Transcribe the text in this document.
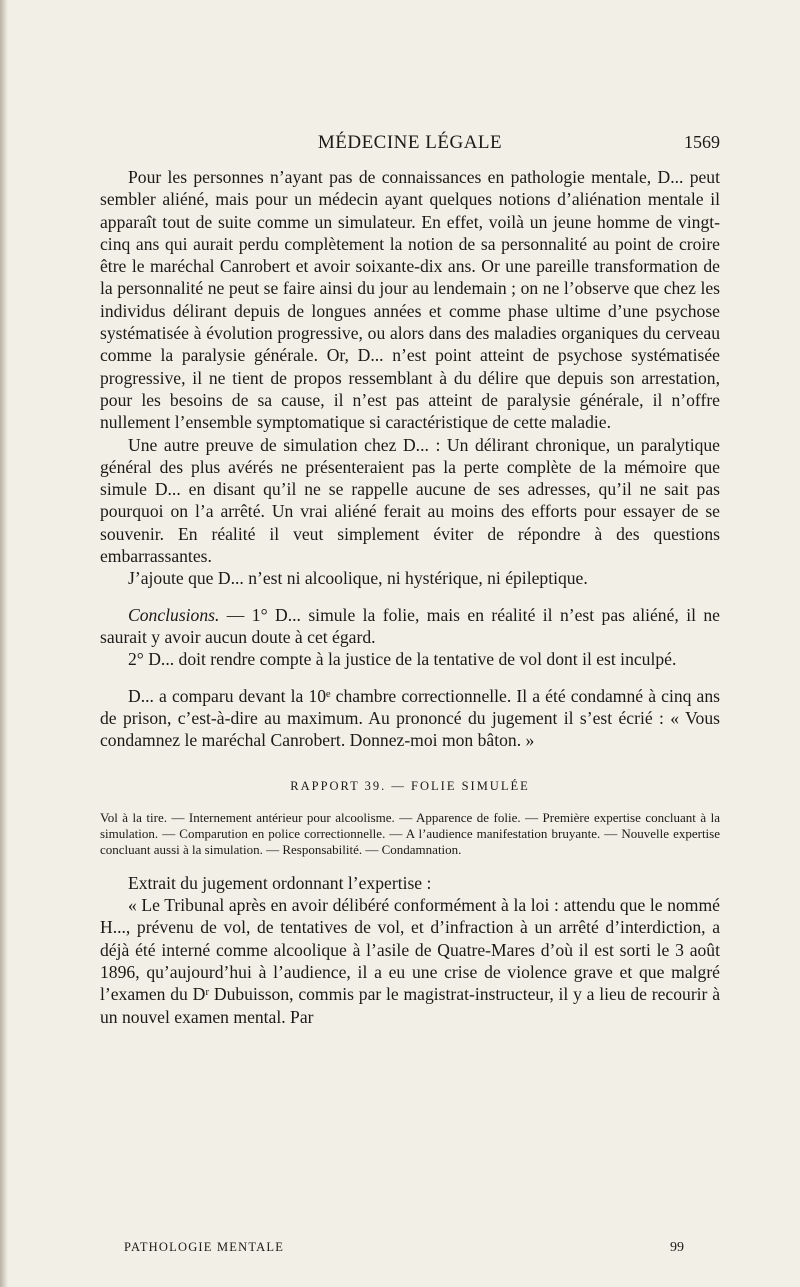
MÉDECINE LÉGALE	1569

Pour les personnes n’ayant pas de connaissances en pathologie mentale, D... peut sembler aliéné, mais pour un médecin ayant quelques notions d’aliénation mentale il apparaît tout de suite comme un simulateur. En effet, voilà un jeune homme de vingt-cinq ans qui aurait perdu complètement la notion de sa personnalité au point de croire être le maréchal Canrobert et avoir soixante-dix ans. Or une pareille transformation de la personnalité ne peut se faire ainsi du jour au lendemain ; on ne l’observe que chez les individus délirant depuis de longues années et comme phase ultime d’une psychose systématisée à évolution progressive, ou alors dans des maladies organiques du cerveau comme la paralysie générale. Or, D... n’est point atteint de psychose systématisée progressive, il ne tient de propos ressemblant à du délire que depuis son arrestation, pour les besoins de sa cause, il n’est pas atteint de paralysie générale, il n’offre nullement l’ensemble symptomatique si caractéristique de cette maladie.

Une autre preuve de simulation chez D... : Un délirant chronique, un paralytique général des plus avérés ne présenteraient pas la perte complète de la mémoire que simule D... en disant qu’il ne se rappelle aucune de ses adresses, qu’il ne sait pas pourquoi on l’a arrêté. Un vrai aliéné ferait au moins des efforts pour essayer de se souvenir. En réalité il veut simplement éviter de répondre à des questions embarrassantes.

J’ajoute que D... n’est ni alcoolique, ni hystérique, ni épileptique.

Conclusions. — 1° D... simule la folie, mais en réalité il n’est pas aliéné, il ne saurait y avoir aucun doute à cet égard.

2° D... doit rendre compte à la justice de la tentative de vol dont il est inculpé.

D... a comparu devant la 10ᵉ chambre correctionnelle. Il a été condamné à cinq ans de prison, c’est-à-dire au maximum. Au prononcé du jugement il s’est écrié : « Vous condamnez le maréchal Canrobert. Donnez-moi mon bâton. »

RAPPORT 39. — FOLIE SIMULÉE
Vol à la tire. — Internement antérieur pour alcoolisme. — Apparence de folie. — Première expertise concluant à la simulation. — Comparution en police correctionnelle. — A l’audience manifestation bruyante. — Nouvelle expertise concluant aussi à la simulation. — Responsabilité. — Condamnation.

Extrait du jugement ordonnant l’expertise :

« Le Tribunal après en avoir délibéré conformément à la loi : attendu que le nommé H..., prévenu de vol, de tentatives de vol, et d’infraction à un arrêté d’interdiction, a déjà été interné comme alcoolique à l’asile de Quatre-Mares d’où il est sorti le 3 août 1896, qu’aujourd’hui à l’audience, il a eu une crise de violence grave et que malgré l’examen du Dʳ Dubuisson, commis par le magistrat-instructeur, il y a lieu de recourir à un nouvel examen mental. Par

PATHOLOGIE MENTALE	99
